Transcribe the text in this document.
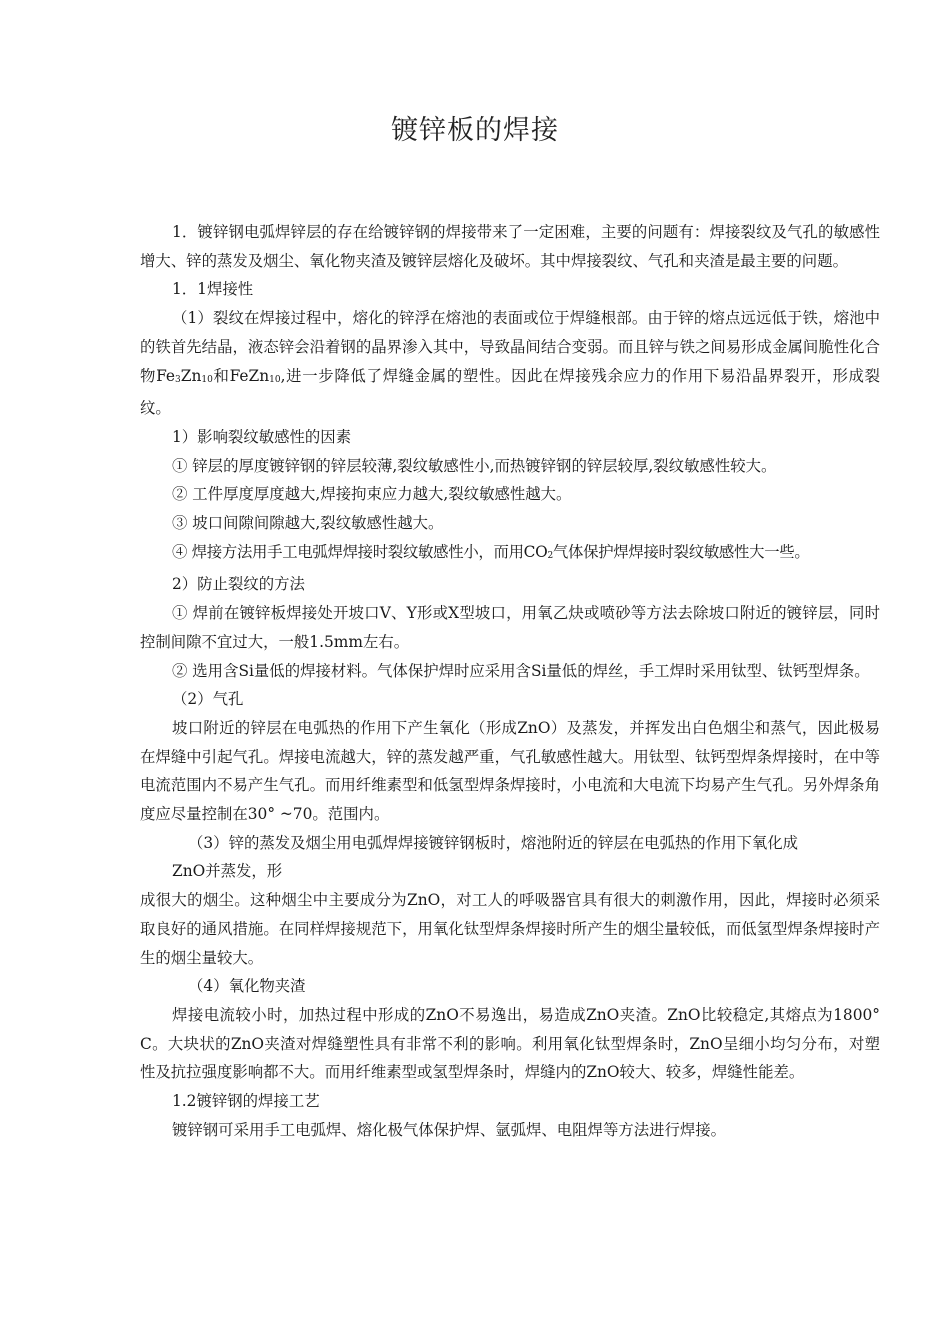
镀锌板的焊接

1．镀锌钢电弧焊锌层的存在给镀锌钢的焊接带来了一定困难，主要的问题有：焊接裂纹及气孔的敏感性增大、锌的蒸发及烟尘、氧化物夹渣及镀锌层熔化及破坏。其中焊接裂纹、气孔和夹渣是最主要的问题。

1．1焊接性

（1）裂纹在焊接过程中，熔化的锌浮在熔池的表面或位于焊缝根部。由于锌的熔点远远低于铁，熔池中的铁首先结晶，液态锌会沿着钢的晶界渗入其中，导致晶间结合变弱。而且锌与铁之间易形成金属间脆性化合物Fe3Zn10和FeZn10,进一步降低了焊缝金属的塑性。因此在焊接残余应力的作用下易沿晶界裂开，形成裂纹。

1）影响裂纹敏感性的因素

① 锌层的厚度镀锌钢的锌层较薄,裂纹敏感性小,而热镀锌钢的锌层较厚,裂纹敏感性较大。

② 工件厚度厚度越大,焊接拘束应力越大,裂纹敏感性越大。

③ 坡口间隙间隙越大,裂纹敏感性越大。

④ 焊接方法用手工电弧焊焊接时裂纹敏感性小，而用CO2气体保护焊焊接时裂纹敏感性大一些。

2）防止裂纹的方法

① 焊前在镀锌板焊接处开坡口V、Y形或X型坡口，用氧乙炔或喷砂等方法去除坡口附近的镀锌层，同时控制间隙不宜过大，一般1.5mm左右。

② 选用含Si量低的焊接材料。气体保护焊时应采用含Si量低的焊丝，手工焊时采用钛型、钛钙型焊条。

（2）气孔

坡口附近的锌层在电弧热的作用下产生氧化（形成ZnO）及蒸发，并挥发出白色烟尘和蒸气，因此极易在焊缝中引起气孔。焊接电流越大，锌的蒸发越严重，气孔敏感性越大。用钛型、钛钙型焊条焊接时，在中等电流范围内不易产生气孔。而用纤维素型和低氢型焊条焊接时，小电流和大电流下均易产生气孔。另外焊条角度应尽量控制在30° ~70。范围内。

（3）锌的蒸发及烟尘用电弧焊焊接镀锌钢板时，熔池附近的锌层在电弧热的作用下氧化成

ZnO并蒸发，形

成很大的烟尘。这种烟尘中主要成分为ZnO，对工人的呼吸器官具有很大的刺激作用，因此，焊接时必须采取良好的通风措施。在同样焊接规范下，用氧化钛型焊条焊接时所产生的烟尘量较低，而低氢型焊条焊接时产生的烟尘量较大。

（4）氧化物夹渣

焊接电流较小时，加热过程中形成的ZnO不易逸出，易造成ZnO夹渣。ZnO比较稳定,其熔点为1800° C。大块状的ZnO夹渣对焊缝塑性具有非常不利的影响。利用氧化钛型焊条时，ZnO呈细小均匀分布，对塑性及抗拉强度影响都不大。而用纤维素型或氢型焊条时，焊缝内的ZnO较大、较多，焊缝性能差。

1.2镀锌钢的焊接工艺

镀锌钢可采用手工电弧焊、熔化极气体保护焊、氩弧焊、电阻焊等方法进行焊接。
